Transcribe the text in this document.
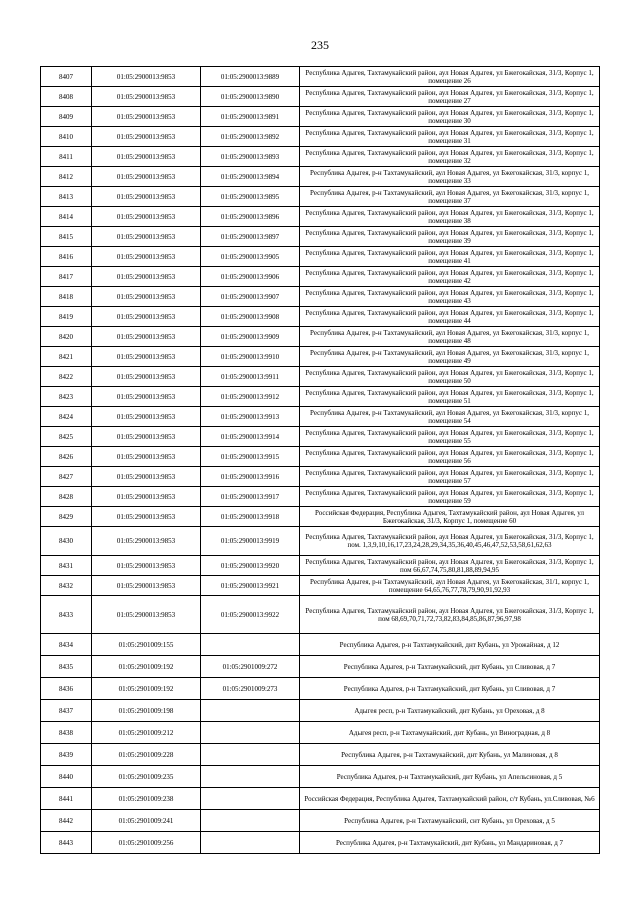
235
8407	01:05:2900013:9853	01:05:2900013:9889	Республика Адыгея, Тахтамукайский район, аул Новая Адыгея, ул Бжегокайская, 31/3, Корпус 1, помещение 26
8408	01:05:2900013:9853	01:05:2900013:9890	Республика Адыгея, Тахтамукайский район, аул Новая Адыгея, ул Бжегокайская, 31/3, Корпус 1, помещение 27
8409	01:05:2900013:9853	01:05:2900013:9891	Республика Адыгея, Тахтамукайский район, аул Новая Адыгея, ул Бжегокайская, 31/3, Корпус 1, помещение 30
8410	01:05:2900013:9853	01:05:2900013:9892	Республика Адыгея, Тахтамукайский район, аул Новая Адыгея, ул Бжегокайская, 31/3, Корпус 1, помещение 31
8411	01:05:2900013:9853	01:05:2900013:9893	Республика Адыгея, Тахтамукайский район, аул Новая Адыгея, ул Бжегокайская, 31/3, Корпус 1, помещение 32
8412	01:05:2900013:9853	01:05:2900013:9894	Республика Адыгея, р-н Тахтамукайский, аул Новая Адыгея, ул Бжегокайская, 31/3, корпус 1, помещение 33
8413	01:05:2900013:9853	01:05:2900013:9895	Республика Адыгея, р-н Тахтамукайский, аул Новая Адыгея, ул Бжегокайская, 31/3, корпус 1, помещение 37
8414	01:05:2900013:9853	01:05:2900013:9896	Республика Адыгея, Тахтамукайский район, аул Новая Адыгея, ул Бжегокайская, 31/3, Корпус 1, помещение 38
8415	01:05:2900013:9853	01:05:2900013:9897	Республика Адыгея, Тахтамукайский район, аул Новая Адыгея, ул Бжегокайская, 31/3, Корпус 1, помещение 39
8416	01:05:2900013:9853	01:05:2900013:9905	Республика Адыгея, Тахтамукайский район, аул Новая Адыгея, ул Бжегокайская, 31/3, Корпус 1, помещение 41
8417	01:05:2900013:9853	01:05:2900013:9906	Республика Адыгея, Тахтамукайский район, аул Новая Адыгея, ул Бжегокайская, 31/3, Корпус 1, помещение 42
8418	01:05:2900013:9853	01:05:2900013:9907	Республика Адыгея, Тахтамукайский район, аул Новая Адыгея, ул Бжегокайская, 31/3, Корпус 1, помещение 43
8419	01:05:2900013:9853	01:05:2900013:9908	Республика Адыгея, Тахтамукайский район, аул Новая Адыгея, ул Бжегокайская, 31/3, Корпус 1, помещение 44
8420	01:05:2900013:9853	01:05:2900013:9909	Республика Адыгея, р-н Тахтамукайский, аул Новая Адыгея, ул Бжегокайская, 31/3, корпус 1, помещение 48
8421	01:05:2900013:9853	01:05:2900013:9910	Республика Адыгея, р-н Тахтамукайский, аул Новая Адыгея, ул Бжегокайская, 31/3, корпус 1, помещение 49
8422	01:05:2900013:9853	01:05:2900013:9911	Республика Адыгея, Тахтамукайский район, аул Новая Адыгея, ул Бжегокайская, 31/3, Корпус 1, помещение 50
8423	01:05:2900013:9853	01:05:2900013:9912	Республика Адыгея, Тахтамукайский район, аул Новая Адыгея, ул Бжегокайская, 31/3, Корпус 1, помещение 51
8424	01:05:2900013:9853	01:05:2900013:9913	Республика Адыгея, р-н Тахтамукайский, аул Новая Адыгея, ул Бжегокайская, 31/3, корпус 1, помещение 54
8425	01:05:2900013:9853	01:05:2900013:9914	Республика Адыгея, Тахтамукайский район, аул Новая Адыгея, ул Бжегокайская, 31/3, Корпус 1, помещение 55
8426	01:05:2900013:9853	01:05:2900013:9915	Республика Адыгея, Тахтамукайский район, аул Новая Адыгея, ул Бжегокайская, 31/3, Корпус 1, помещение 56
8427	01:05:2900013:9853	01:05:2900013:9916	Республика Адыгея, Тахтамукайский район, аул Новая Адыгея, ул Бжегокайская, 31/3, Корпус 1, помещение 57
8428	01:05:2900013:9853	01:05:2900013:9917	Республика Адыгея, Тахтамукайский район, аул Новая Адыгея, ул Бжегокайская, 31/3, Корпус 1, помещение 59
8429	01:05:2900013:9853	01:05:2900013:9918	Российская Федерация, Республика Адыгея, Тахтамукайский район, аул Новая Адыгея, ул Бжегокайская, 31/3, Корпус 1, помещение 60
8430	01:05:2900013:9853	01:05:2900013:9919	Республика Адыгея, Тахтамукайский район, аул Новая Адыгея, ул Бжегокайская, 31/3, Корпус 1, пом. 1,3,9,10,16,17,23,24,28,29,34,35,36,40,45,46,47,52,53,58,61,62,63
8431	01:05:2900013:9853	01:05:2900013:9920	Республика Адыгея, Тахтамукайский район, аул Новая Адыгея, ул Бжегокайская, 31/3, Корпус 1, пом 66,67,74,75,80,81,88,89,94,95
8432	01:05:2900013:9853	01:05:2900013:9921	Республика Адыгея, р-н Тахтамукайский, аул Новая Адыгея, ул Бжегокайская, 31/1, корпус 1, помещение 64,65,76,77,78,79,90,91,92,93
8433	01:05:2900013:9853	01:05:2900013:9922	Республика Адыгея, Тахтамукайский район, аул Новая Адыгея, ул Бжегокайская, 31/3, Корпус 1, пом 68,69,70,71,72,73,82,83,84,85,86,87,96,97,98
8434	01:05:2901009:155		Республика Адыгея, р-н Тахтамукайский, днт Кубань, ул Урожайная, д 12
8435	01:05:2901009:192	01:05:2901009:272	Республика Адыгея, р-н Тахтамукайский, днт Кубань, ул Сливовая, д 7
8436	01:05:2901009:192	01:05:2901009:273	Республика Адыгея, р-н Тахтамукайский, днт Кубань, ул Сливовая, д 7
8437	01:05:2901009:198		Адыгея респ, р-н Тахтамукайский, днт Кубань, ул Ореховая, д 8
8438	01:05:2901009:212		Адыгея респ, р-н Тахтамукайский, днт Кубань, ул Виноградная, д 8
8439	01:05:2901009:228		Республика Адыгея, р-н Тахтамукайский, днт Кубань, ул Малиновая, д 8
8440	01:05:2901009:235		Республика Адыгея, р-н Тахтамукайский, днт Кубань, ул Апельсиновая, д 5
8441	01:05:2901009:238		Российская Федерация, Республика Адыгея, Тахтамукайский район, с/т Кубань, ул.Сливовая, №6
8442	01:05:2901009:241		Республика Адыгея, р-н Тахтамукайский, снт Кубань, ул Ореховая, д 5
8443	01:05:2901009:256		Республика Адыгея, р-н Тахтамукайский, днт Кубань, ул Мандариновая, д 7
